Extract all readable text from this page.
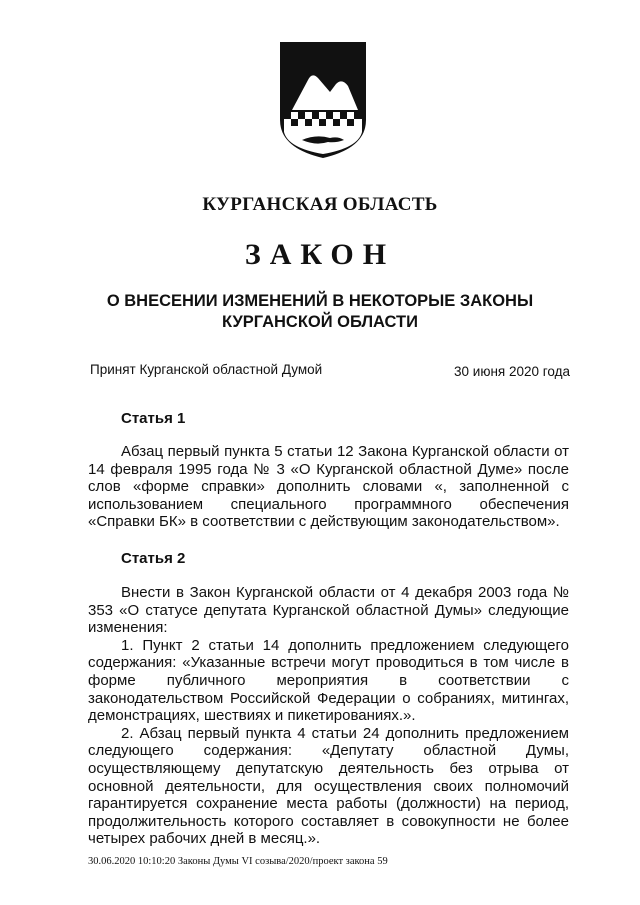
КУРГАНСКАЯ ОБЛАСТЬ
ЗАКОН
О ВНЕСЕНИИ ИЗМЕНЕНИЙ В НЕКОТОРЫЕ ЗАКОНЫ
КУРГАНСКОЙ ОБЛАСТИ
Принят Курганской областной Думой	30 июня 2020 года
Статья 1

Абзац первый пункта 5 статьи 12 Закона Курганской области от 14 февраля 1995 года № 3 «О Курганской областной Думе» после слов «форме справки» дополнить словами «, заполненной с использованием специального программного обеспечения «Справки БК» в соответствии с действующим законодательством».

Статья 2

Внести в Закон Курганской области от 4 декабря 2003 года № 353 «О статусе депутата Курганской областной Думы» следующие изменения:

1. Пункт 2 статьи 14 дополнить предложением следующего содержания: «Указанные встречи могут проводиться в том числе в форме публичного мероприятия в соответствии с законодательством Российской Федерации о собраниях, митингах, демонстрациях, шествиях и пикетированиях.».

2. Абзац первый пункта 4 статьи 24 дополнить предложением следующего содержания: «Депутату областной Думы, осуществляющему депутатскую деятельность без отрыва от основной деятельности, для осуществления своих полномочий гарантируется сохранение места работы (должности) на период, продолжительность которого составляет в совокупности не более четырех рабочих дней в месяц.».

30.06.2020 10:10:20 Законы Думы VI созыва/2020/проект закона 59
